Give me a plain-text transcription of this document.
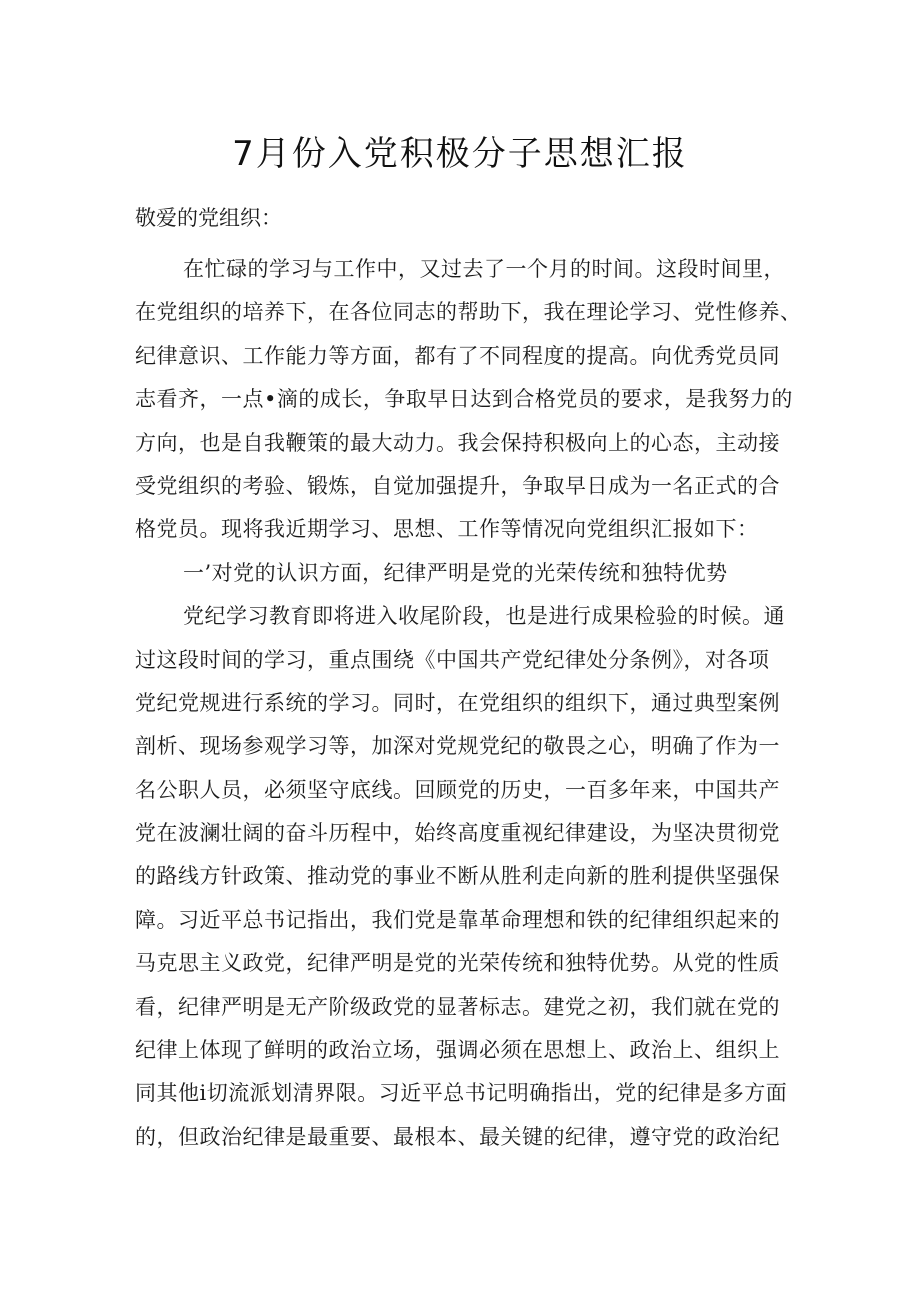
7月份入党积极分子思想汇报

敬爱的党组织：

在忙碌的学习与工作中，又过去了一个月的时间。这段时间里，
在党组织的培养下，在各位同志的帮助下，我在理论学习、党性修养、
纪律意识、工作能力等方面，都有了不同程度的提高。向优秀党员同
志看齐，一点•滴的成长，争取早日达到合格党员的要求，是我努力的
方向，也是自我鞭策的最大动力。我会保持积极向上的心态，主动接
受党组织的考验、锻炼，自觉加强提升，争取早日成为一名正式的合
格党员。现将我近期学习、思想、工作等情况向党组织汇报如下：
一’对党的认识方面，纪律严明是党的光荣传统和独特优势
党纪学习教育即将进入收尾阶段，也是进行成果检验的时候。通
过这段时间的学习，重点围绕《中国共产党纪律处分条例》，对各项
党纪党规进行系统的学习。同时，在党组织的组织下，通过典型案例
剖析、现场参观学习等，加深对党规党纪的敬畏之心，明确了作为一
名公职人员，必须坚守底线。回顾党的历史，一百多年来，中国共产
党在波澜壮阔的奋斗历程中，始终高度重视纪律建设，为坚决贯彻党
的路线方针政策、推动党的事业不断从胜利走向新的胜利提供坚强保
障。习近平总书记指出，我们党是靠革命理想和铁的纪律组织起来的
马克思主义政党，纪律严明是党的光荣传统和独特优势。从党的性质
看，纪律严明是无产阶级政党的显著标志。建党之初，我们就在党的
纪律上体现了鲜明的政治立场，强调必须在思想上、政治上、组织上
同其他i切流派划清界限。习近平总书记明确指出，党的纪律是多方面
的，但政治纪律是最重要、最根本、最关键的纪律，遵守党的政治纪
